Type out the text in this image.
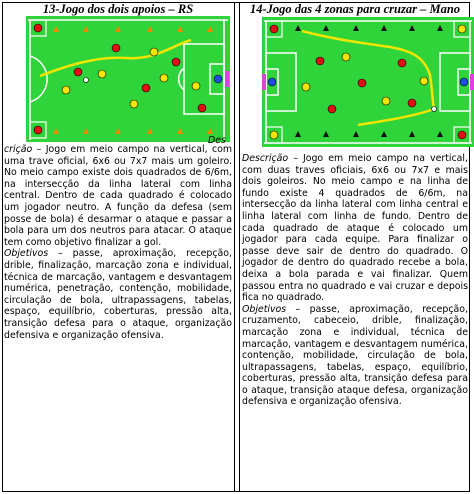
13-Jogo dos dois apoios – RS
Des
crição – Jogo em meio campo na vertical, com uma trave oficial, 6x6 ou 7x7 mais um goleiro. No meio campo existe dois quadrados de 6/6m, na intersecção da linha lateral com linha central. Dentro de cada quadrado é colocado um jogador neutro. A função da defesa (sem posse de bola) é desarmar o ataque e passar a bola para um dos neutros para atacar. O ataque tem como objetivo finalizar a gol.
Objetivos – passe, aproximação, recepção, drible, finalização, marcação zona e individual, técnica de marcação, vantagem e desvantagem numérica, penetração, contenção, mobilidade, circulação de bola, ultrapassagens, tabelas, espaço, equilíbrio, coberturas, pressão alta, transição defesa para o ataque, organização defensiva e organização ofensiva.
14-Jogo das 4 zonas para cruzar – Mano
Descrição – Jogo em meio campo na vertical, com duas traves oficiais, 6x6 ou 7x7 e mais dois goleiros. No meio campo e na linha de fundo existe 4 quadrados de 6/6m, na intersecção da linha lateral com linha central e linha lateral com linha de fundo. Dentro de cada quadrado de ataque é colocado um jogador para cada equipe. Para finalizar o passe deve sair de dentro do quadrado. O jogador de dentro do quadrado recebe a bola, deixa a bola parada e vai finalizar. Quem passou entra no quadrado e vai cruzar e depois fica no quadrado.
Objetivos – passe, aproximação, recepção, cruzamento, cabeceio, drible, finalização, marcação zona e individual, técnica de marcação, vantagem e desvantagem numérica, contenção, mobilidade, circulação de bola, ultrapassagens, tabelas, espaço, equilíbrio, coberturas, pressão alta, transição defesa para o ataque, transição ataque defesa, organização defensiva e organização ofensiva.
